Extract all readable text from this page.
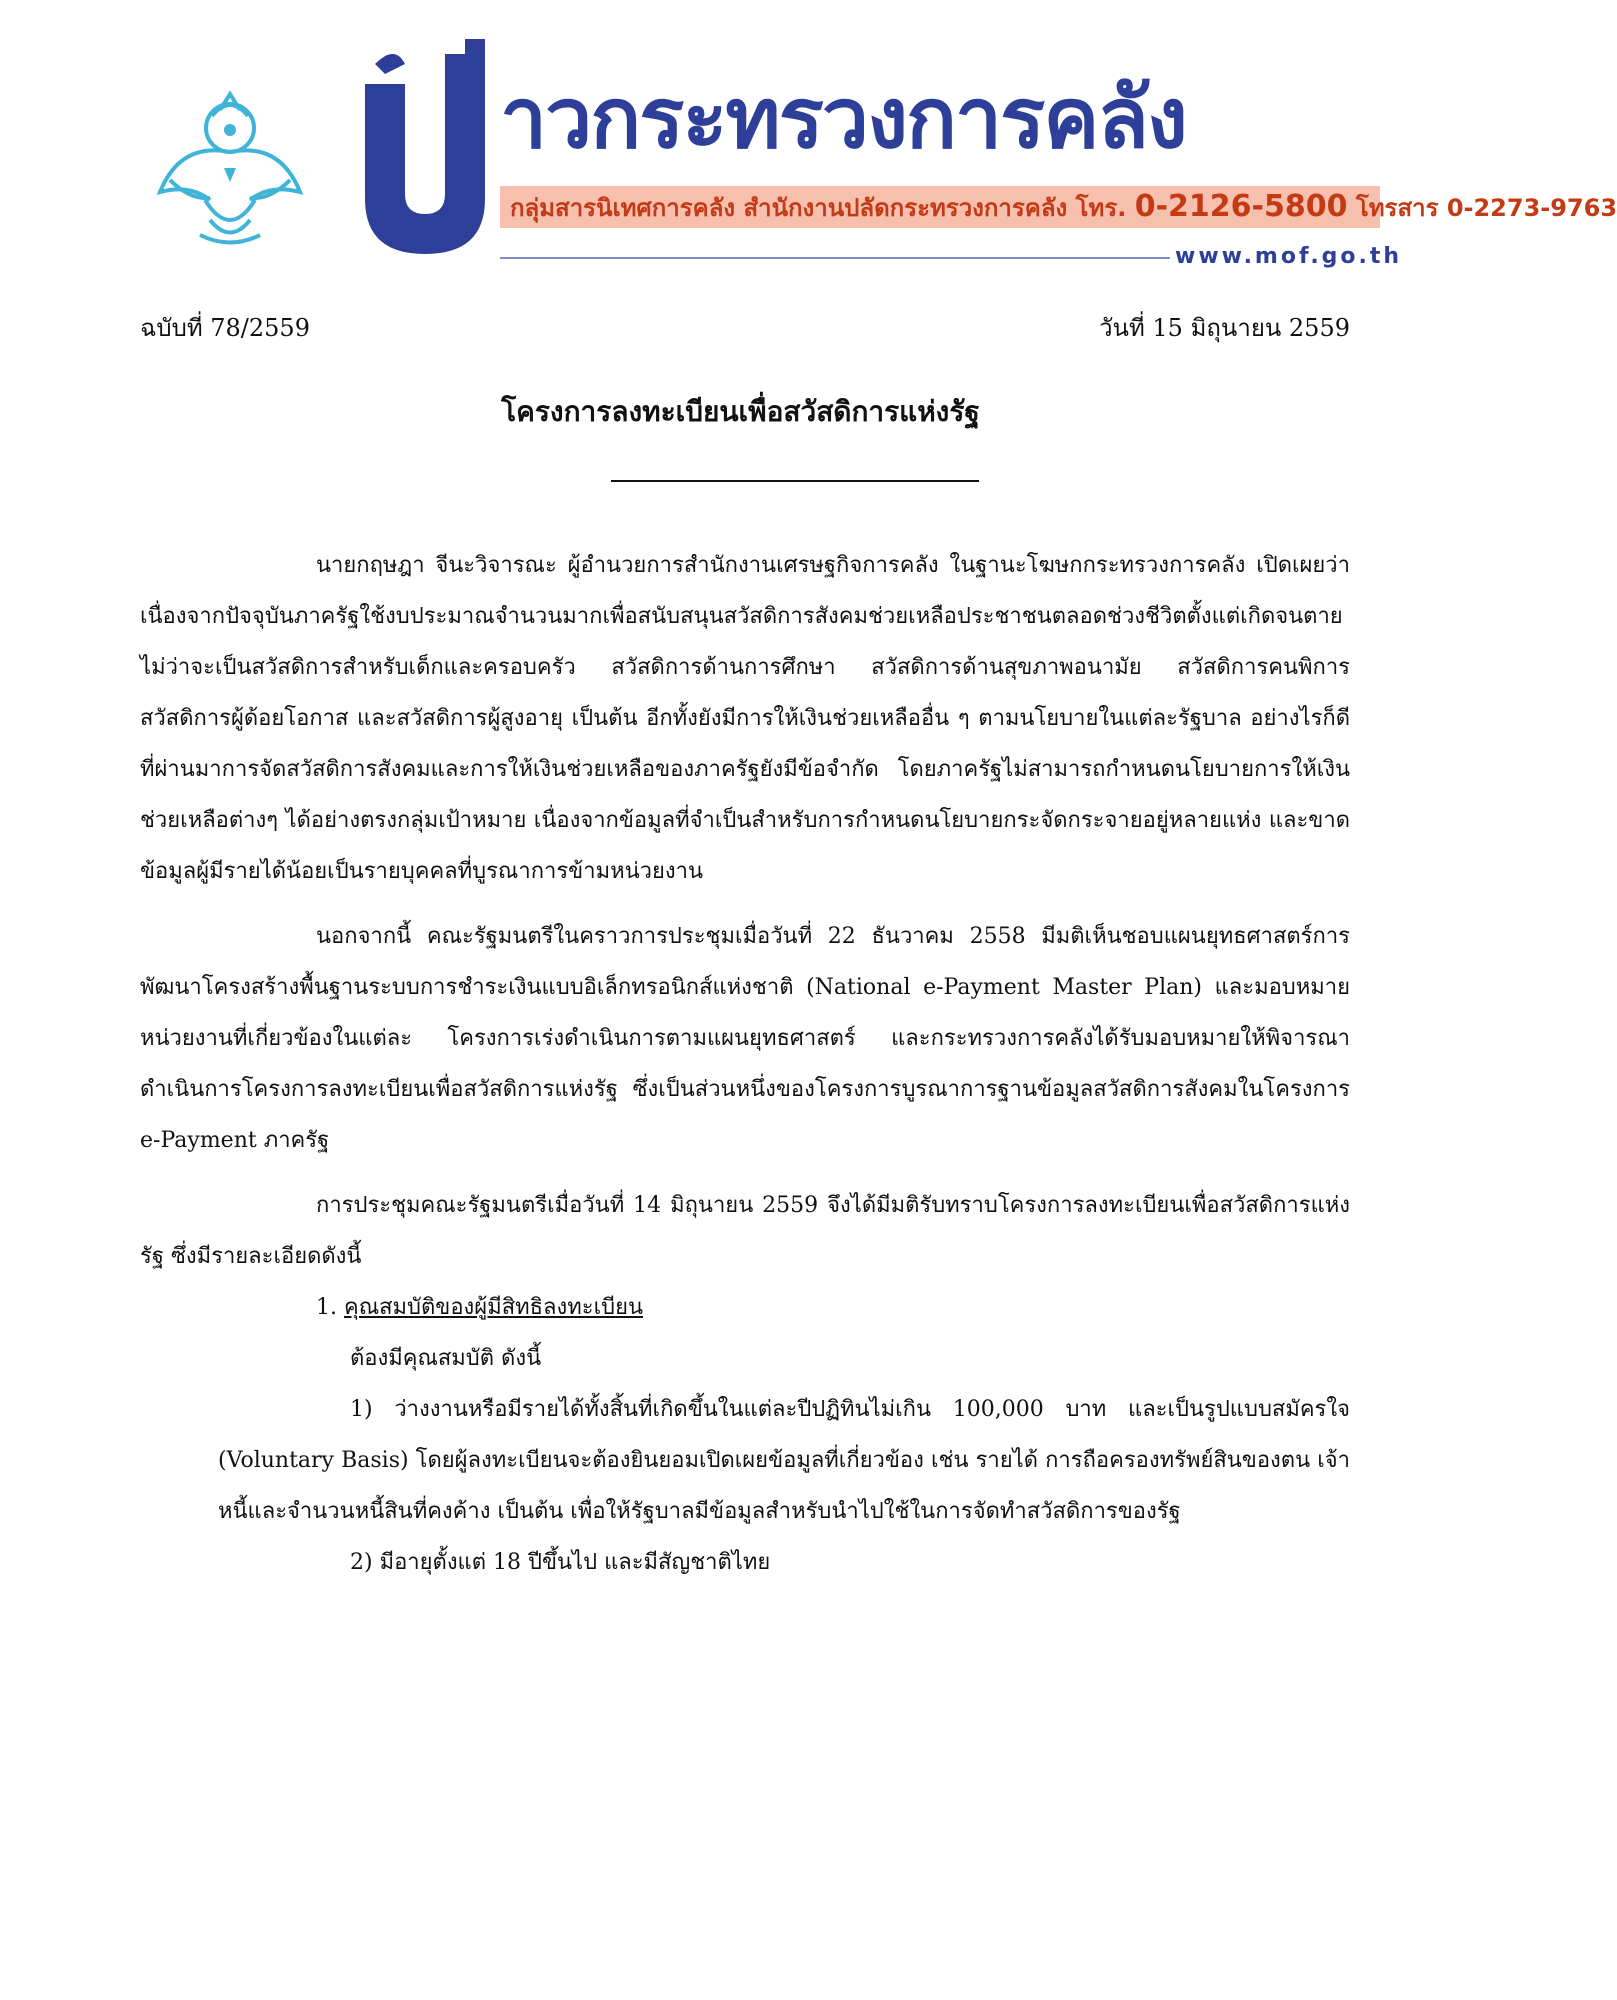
าวกระทรวงการคลัง
กลุ่มสารนิเทศการคลัง สำนักงานปลัดกระทรวงการคลัง โทร. 0-2126-5800 โทรสาร 0-2273-9763
www.mof.go.th
ฉบับที่ 78/2559	วันที่ 15 มิถุนายน 2559
โครงการลงทะเบียนเพื่อสวัสดิการแห่งรัฐ

นายกฤษฎา จีนะวิจารณะ ผู้อำนวยการสำนักงานเศรษฐกิจการคลัง ในฐานะโฆษกกระทรวงการคลัง เปิดเผยว่า เนื่องจากปัจจุบันภาครัฐใช้งบประมาณจำนวนมากเพื่อสนับสนุนสวัสดิการสังคมช่วยเหลือประชาชนตลอดช่วงชีวิตตั้งแต่เกิดจนตาย ไม่ว่าจะเป็นสวัสดิการสำหรับเด็กและครอบครัว สวัสดิการด้านการศึกษา สวัสดิการด้านสุขภาพอนามัย สวัสดิการคนพิการ สวัสดิการผู้ด้อยโอกาส และสวัสดิการผู้สูงอายุ เป็นต้น อีกทั้งยังมีการให้เงินช่วยเหลืออื่น ๆ ตามนโยบายในแต่ละรัฐบาล อย่างไรก็ดี ที่ผ่านมาการจัดสวัสดิการสังคมและการให้เงินช่วยเหลือของภาครัฐยังมีข้อจำกัด โดยภาครัฐไม่สามารถกำหนดนโยบายการให้เงินช่วยเหลือต่างๆ ได้อย่างตรงกลุ่มเป้าหมาย เนื่องจากข้อมูลที่จำเป็นสำหรับการกำหนดนโยบายกระจัดกระจายอยู่หลายแห่ง และขาดข้อมูลผู้มีรายได้น้อยเป็นรายบุคคลที่บูรณาการข้ามหน่วยงาน

นอกจากนี้ คณะรัฐมนตรีในคราวการประชุมเมื่อวันที่ 22 ธันวาคม 2558 มีมติเห็นชอบแผนยุทธศาสตร์การพัฒนาโครงสร้างพื้นฐานระบบการชำระเงินแบบอิเล็กทรอนิกส์แห่งชาติ (National e-Payment Master Plan) และมอบหมายหน่วยงานที่เกี่ยวข้องในแต่ละ โครงการเร่งดำเนินการตามแผนยุทธศาสตร์ และกระทรวงการคลังได้รับมอบหมายให้พิจารณาดำเนินการโครงการลงทะเบียนเพื่อสวัสดิการแห่งรัฐ ซึ่งเป็นส่วนหนึ่งของโครงการบูรณาการฐานข้อมูลสวัสดิการสังคมในโครงการ e-Payment ภาครัฐ

การประชุมคณะรัฐมนตรีเมื่อวันที่ 14 มิถุนายน 2559 จึงได้มีมติรับทราบโครงการลงทะเบียนเพื่อสวัสดิการแห่งรัฐ ซึ่งมีรายละเอียดดังนี้

1. คุณสมบัติของผู้มีสิทธิลงทะเบียน

ต้องมีคุณสมบัติ ดังนี้

1) ว่างงานหรือมีรายได้ทั้งสิ้นที่เกิดขึ้นในแต่ละปีปฏิทินไม่เกิน 100,000 บาท และเป็นรูปแบบสมัครใจ (Voluntary Basis) โดยผู้ลงทะเบียนจะต้องยินยอมเปิดเผยข้อมูลที่เกี่ยวข้อง เช่น รายได้ การถือครองทรัพย์สินของตน เจ้าหนี้และจำนวนหนี้สินที่คงค้าง เป็นต้น เพื่อให้รัฐบาลมีข้อมูลสำหรับนำไปใช้ในการจัดทำสวัสดิการของรัฐ

2) มีอายุตั้งแต่ 18 ปีขึ้นไป และมีสัญชาติไทย
